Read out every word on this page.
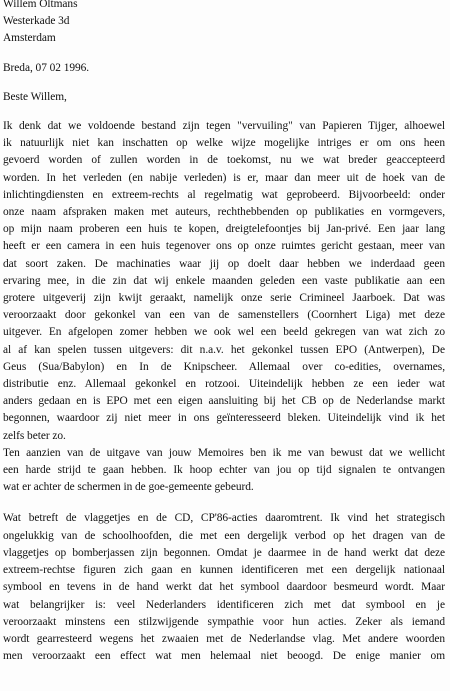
Willem Oltmans
Westerkade 3d
Amsterdam
Breda, 07 02 1996.
Beste Willem,
Ik denk dat we voldoende bestand zijn tegen "vervuiling" van Papieren Tijger, alhoewel
ik natuurlijk niet kan inschatten op welke wijze mogelijke intriges er om ons heen
gevoerd worden of zullen worden in de toekomst, nu we wat breder geaccepteerd
worden. In het verleden (en nabije verleden) is er, maar dan meer uit de hoek van de
inlichtingdiensten en extreem-rechts al regelmatig wat geprobeerd. Bijvoorbeeld: onder
onze naam afspraken maken met auteurs, rechthebbenden op publikaties en vormgevers,
op mijn naam proberen een huis te kopen, dreigtelefoontjes bij Jan-privé. Een jaar lang
heeft er een camera in een huis tegenover ons op onze ruimtes gericht gestaan, meer van
dat soort zaken. De machinaties waar jij op doelt daar hebben we inderdaad geen
ervaring mee, in die zin dat wij enkele maanden geleden een vaste publikatie aan een
grotere uitgeverij zijn kwijt geraakt, namelijk onze serie Crimineel Jaarboek. Dat was
veroorzaakt door gekonkel van een van de samenstellers (Coornhert Liga) met deze
uitgever. En afgelopen zomer hebben we ook wel een beeld gekregen van wat zich zo
al af kan spelen tussen uitgevers: dit n.a.v. het gekonkel tussen EPO (Antwerpen), De
Geus (Sua/Babylon) en In de Knipscheer. Allemaal over co-edities, overnames,
distributie enz. Allemaal gekonkel en rotzooi. Uiteindelijk hebben ze een ieder wat
anders gedaan en is EPO met een eigen aansluiting bij het CB op de Nederlandse markt
begonnen, waardoor zij niet meer in ons geïnteresseerd bleken. Uiteindelijk vind ik het
zelfs beter zo.
Ten aanzien van de uitgave van jouw Memoires ben ik me van bewust dat we wellicht
een harde strijd te gaan hebben. Ik hoop echter van jou op tijd signalen te ontvangen
wat er achter de schermen in de goe-gemeente gebeurd.
Wat betreft de vlaggetjes en de CD, CP'86-acties daaromtrent. Ik vind het strategisch
ongelukkig van de schoolhoofden, die met een dergelijk verbod op het dragen van de
vlaggetjes op bomberjassen zijn begonnen. Omdat je daarmee in de hand werkt dat deze
extreem-rechtse figuren zich gaan en kunnen identificeren met een dergelijk nationaal
symbool en tevens in de hand werkt dat het symbool daardoor besmeurd wordt. Maar
wat belangrijker is: veel Nederlanders identificeren zich met dat symbool en je
veroorzaakt minstens een stilzwijgende sympathie voor hun acties. Zeker als iemand
wordt gearresteerd wegens het zwaaien met de Nederlandse vlag. Met andere woorden
men veroorzaakt een effect wat men helemaal niet beoogd. De enige manier om
